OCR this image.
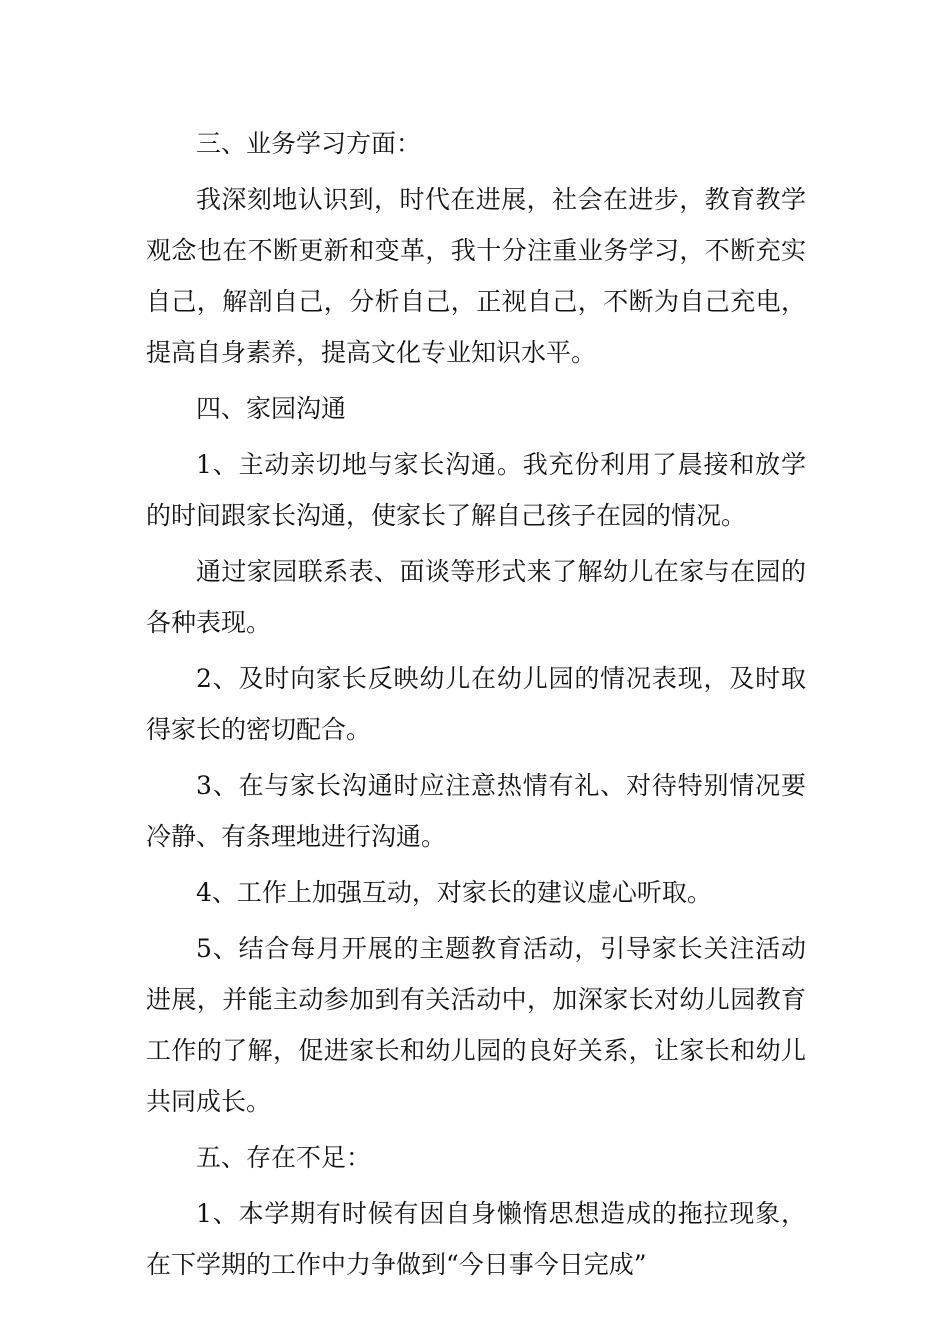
三、业务学习方面：

我深刻地认识到，时代在进展，社会在进步，教育教学观念也在不断更新和变革，我十分注重业务学习，不断充实自己，解剖自己，分析自己，正视自己，不断为自己充电，提高自身素养，提高文化专业知识水平。

四、家园沟通

1、主动亲切地与家长沟通。我充份利用了晨接和放学的时间跟家长沟通，使家长了解自己孩子在园的情况。

通过家园联系表、面谈等形式来了解幼儿在家与在园的各种表现。

2、及时向家长反映幼儿在幼儿园的情况表现，及时取得家长的密切配合。

3、在与家长沟通时应注意热情有礼、对待特别情况要冷静、有条理地进行沟通。

4、工作上加强互动，对家长的建议虚心听取。

5、结合每月开展的主题教育活动，引导家长关注活动进展，并能主动参加到有关活动中，加深家长对幼儿园教育工作的了解，促进家长和幼儿园的良好关系，让家长和幼儿共同成长。

五、存在不足：

1、本学期有时候有因自身懒惰思想造成的拖拉现象，在下学期的工作中力争做到“今日事今日完成”
